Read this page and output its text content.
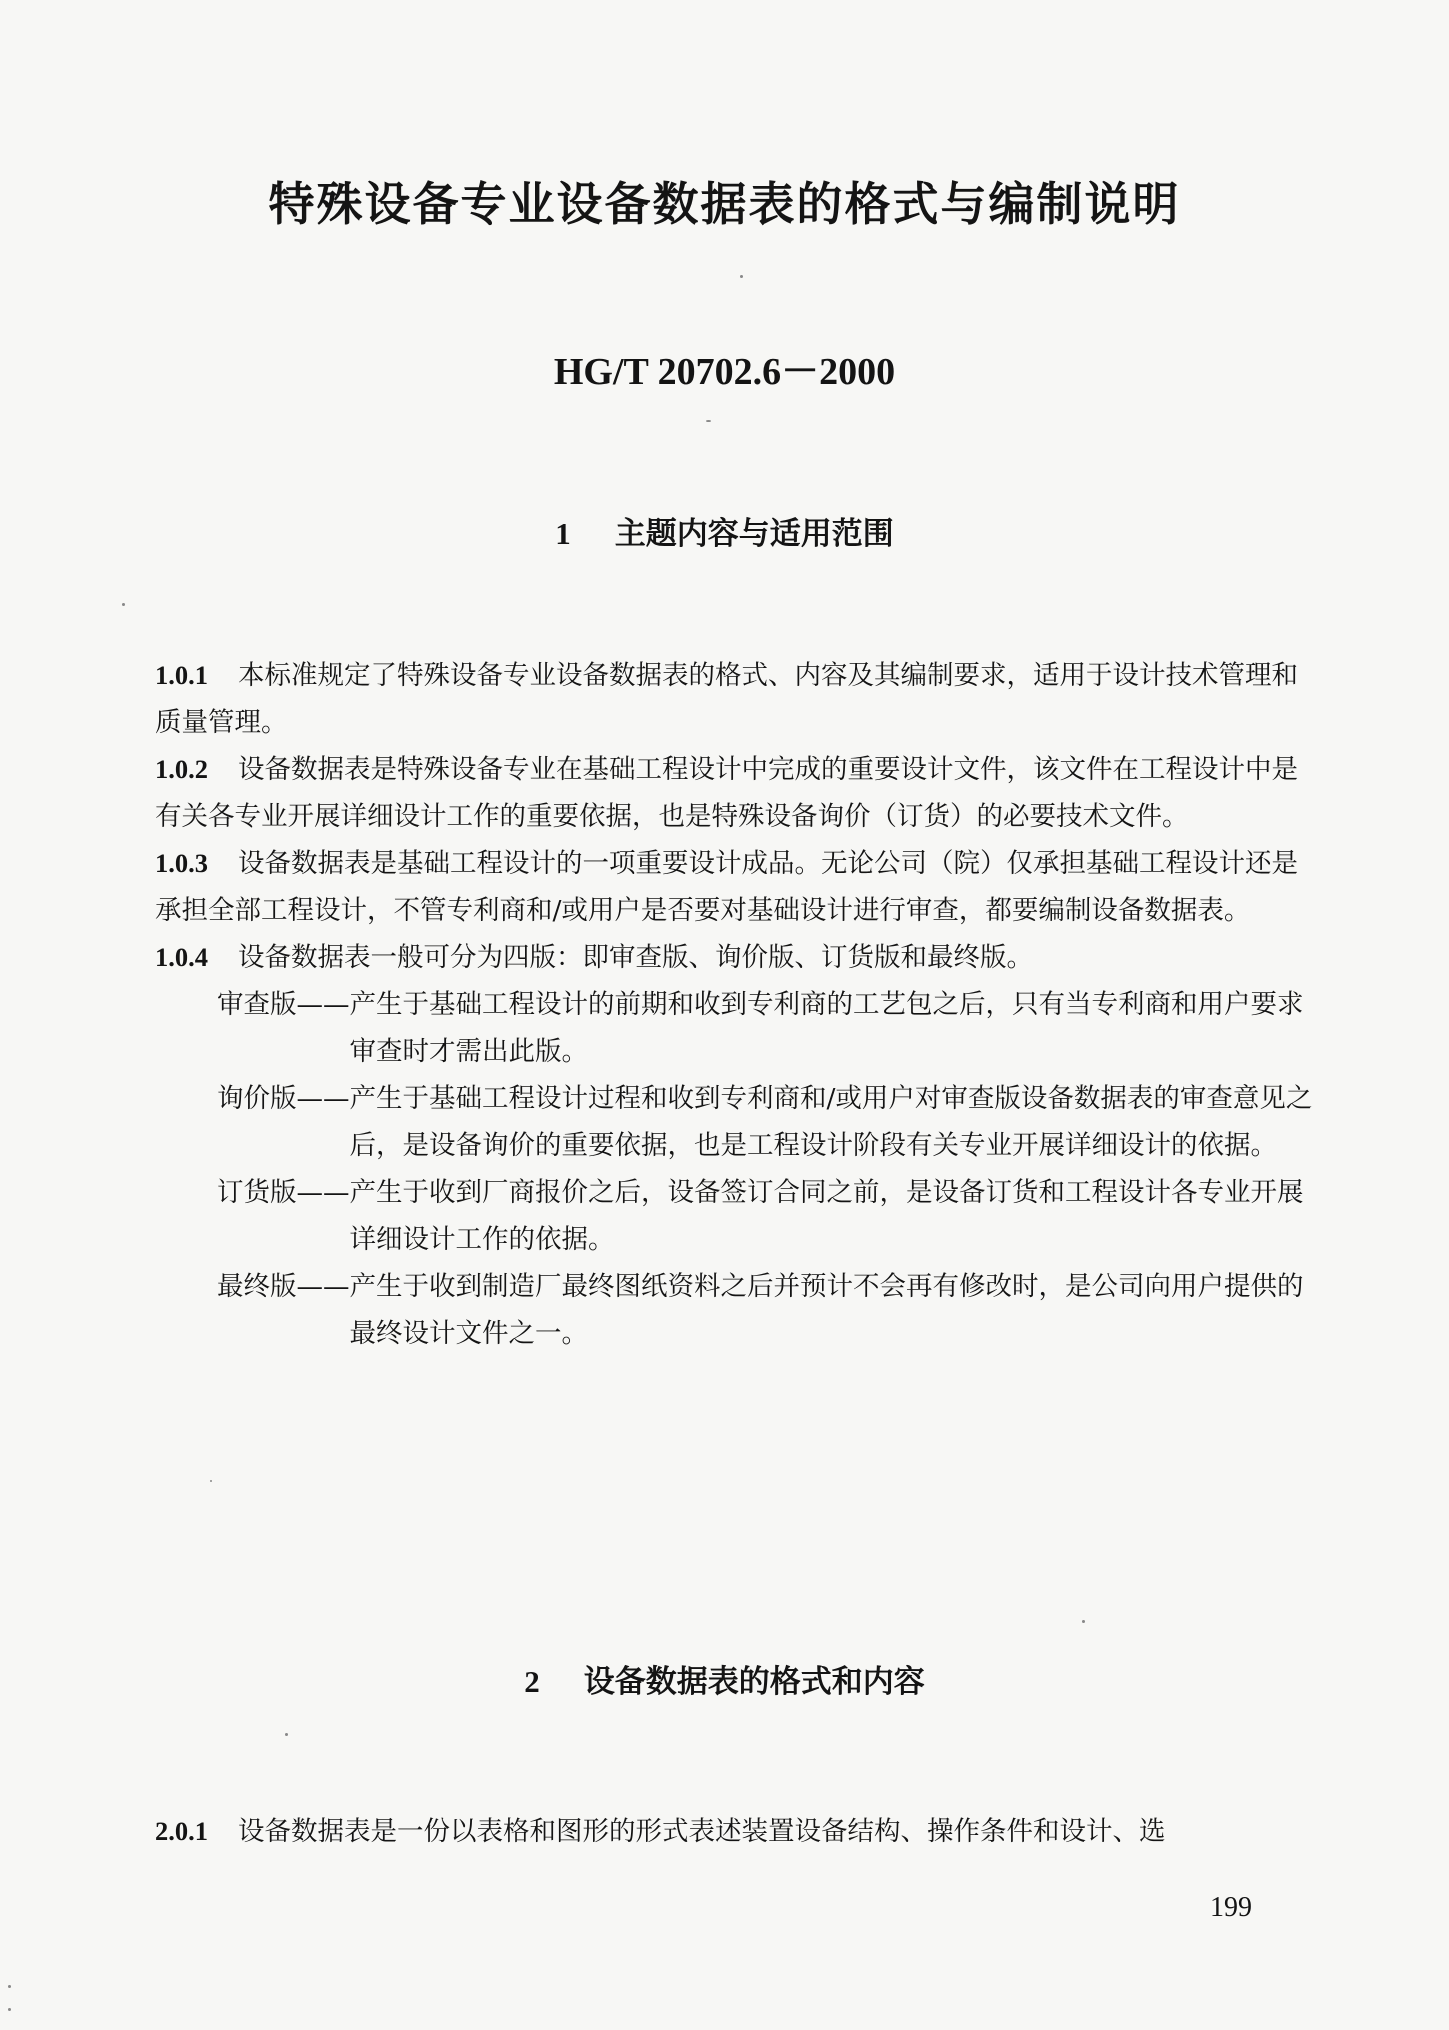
特殊设备专业设备数据表的格式与编制说明
HG/T 20702.6－2000
1 主题内容与适用范围

1.0.1 本标准规定了特殊设备专业设备数据表的格式、内容及其编制要求，适用于设计技术管理和质量管理。

1.0.2 设备数据表是特殊设备专业在基础工程设计中完成的重要设计文件，该文件在工程设计中是有关各专业开展详细设计工作的重要依据，也是特殊设备询价（订货）的必要技术文件。

1.0.3 设备数据表是基础工程设计的一项重要设计成品。无论公司（院）仅承担基础工程设计还是承担全部工程设计，不管专利商和/或用户是否要对基础设计进行审查，都要编制设备数据表。

1.0.4 设备数据表一般可分为四版：即审查版、询价版、订货版和最终版。

审查版—— 产生于基础工程设计的前期和收到专利商的工艺包之后，只有当专利商和用户要求审查时才需出此版。
询价版—— 产生于基础工程设计过程和收到专利商和/或用户对审查版设备数据表的审查意见之后，是设备询价的重要依据，也是工程设计阶段有关专业开展详细设计的依据。
订货版—— 产生于收到厂商报价之后，设备签订合同之前，是设备订货和工程设计各专业开展详细设计工作的依据。
最终版—— 产生于收到制造厂最终图纸资料之后并预计不会再有修改时，是公司向用户提供的最终设计文件之一。
2 设备数据表的格式和内容

2.0.1 设备数据表是一份以表格和图形的形式表述装置设备结构、操作条件和设计、选

199
